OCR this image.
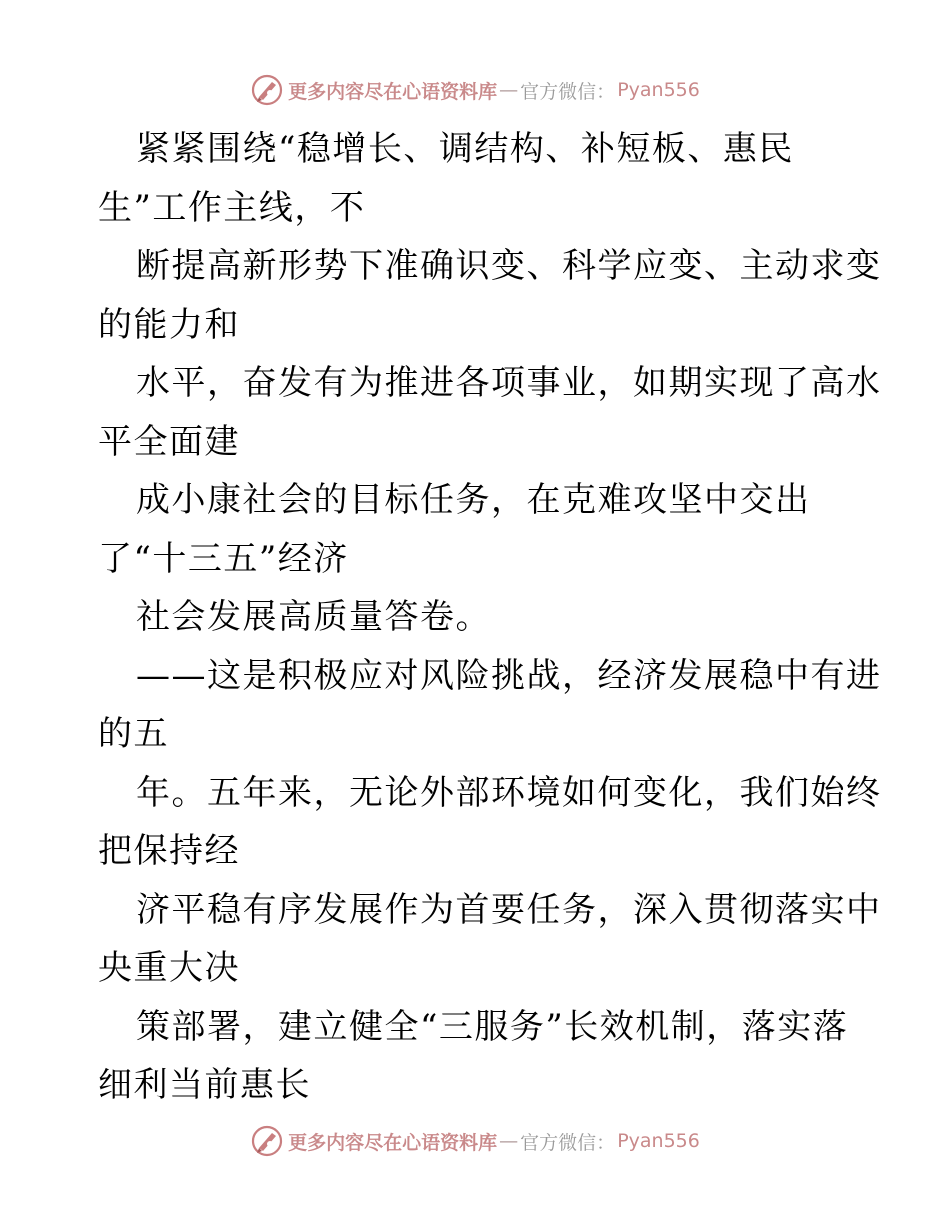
更多内容尽在心语资料库 — 官方微信： Pyan556
紧紧围绕“稳增长、调结构、补短板、惠民
生”工作主线，不
断提高新形势下准确识变、科学应变、主动求变
的能力和
水平，奋发有为推进各项事业，如期实现了高水
平全面建
成小康社会的目标任务，在克难攻坚中交出
了“十三五”经济
社会发展高质量答卷。
——这是积极应对风险挑战，经济发展稳中有进
的五
年。五年来，无论外部环境如何变化，我们始终
把保持经
济平稳有序发展作为首要任务，深入贯彻落实中
央重大决
策部署，建立健全“三服务”长效机制，落实落
细利当前惠长
更多内容尽在心语资料库 — 官方微信： Pyan556
